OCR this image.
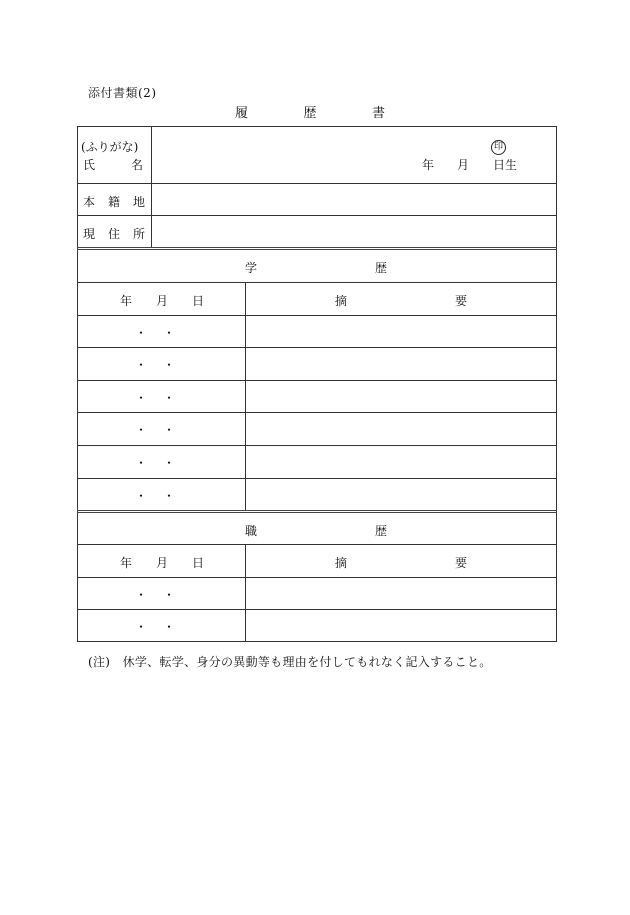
添付書類(2)
履	歴	書
(ふりがな)
氏	名
印
年 月 日生
本 籍 地
現 住 所
学	歴
年 月 日	摘	要
・ ・
・ ・
・ ・
・ ・
・ ・
・ ・
職	歴
年 月 日	摘	要
・ ・
・ ・
(注)　休学、転学、身分の異動等も理由を付してもれなく記入すること。
